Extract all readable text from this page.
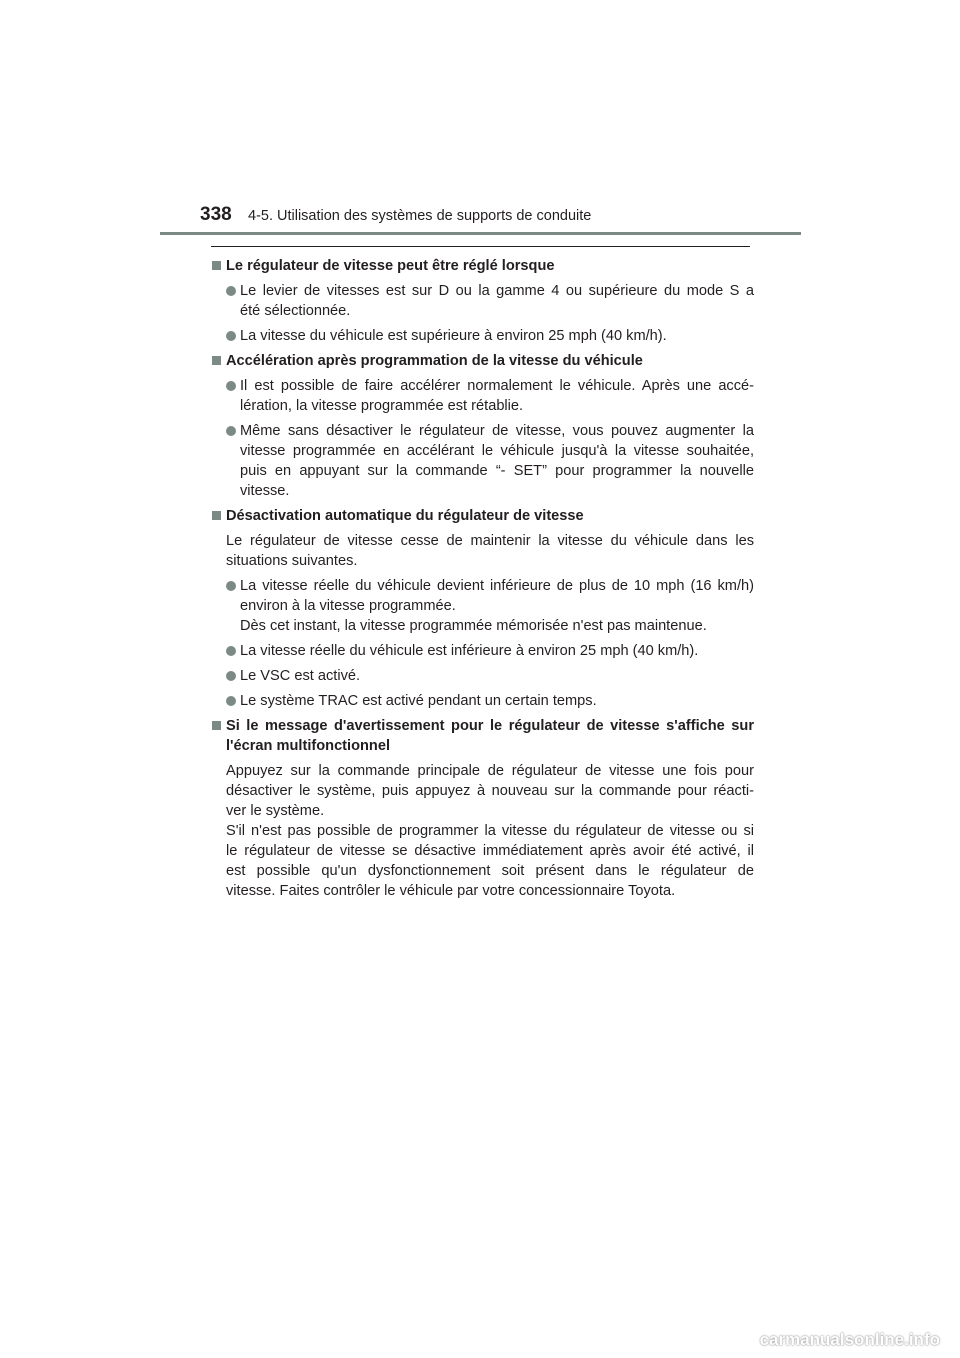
338 4-5. Utilisation des systèmes de supports de conduite
Le régulateur de vitesse peut être réglé lorsque
Le levier de vitesses est sur D ou la gamme 4 ou supérieure du mode S a
été sélectionnée.
La vitesse du véhicule est supérieure à environ 25 mph (40 km/h).
Accélération après programmation de la vitesse du véhicule
Il est possible de faire accélérer normalement le véhicule. Après une accé-
lération, la vitesse programmée est rétablie.
Même sans désactiver le régulateur de vitesse, vous pouvez augmenter la
vitesse programmée en accélérant le véhicule jusqu'à la vitesse souhaitée,
puis en appuyant sur la commande “- SET” pour programmer la nouvelle
vitesse.
Désactivation automatique du régulateur de vitesse
Le régulateur de vitesse cesse de maintenir la vitesse du véhicule dans les
situations suivantes.
La vitesse réelle du véhicule devient inférieure de plus de 10 mph (16 km/h)
environ à la vitesse programmée.
Dès cet instant, la vitesse programmée mémorisée n'est pas maintenue.
La vitesse réelle du véhicule est inférieure à environ 25 mph (40 km/h).
Le VSC est activé.
Le système TRAC est activé pendant un certain temps.
Si le message d'avertissement pour le régulateur de vitesse s'affiche sur
l'écran multifonctionnel
Appuyez sur la commande principale de régulateur de vitesse une fois pour
désactiver le système, puis appuyez à nouveau sur la commande pour réacti-
ver le système.
S'il n'est pas possible de programmer la vitesse du régulateur de vitesse ou si
le régulateur de vitesse se désactive immédiatement après avoir été activé, il
est possible qu'un dysfonctionnement soit présent dans le régulateur de
vitesse. Faites contrôler le véhicule par votre concessionnaire Toyota.
carmanualsonline.info
